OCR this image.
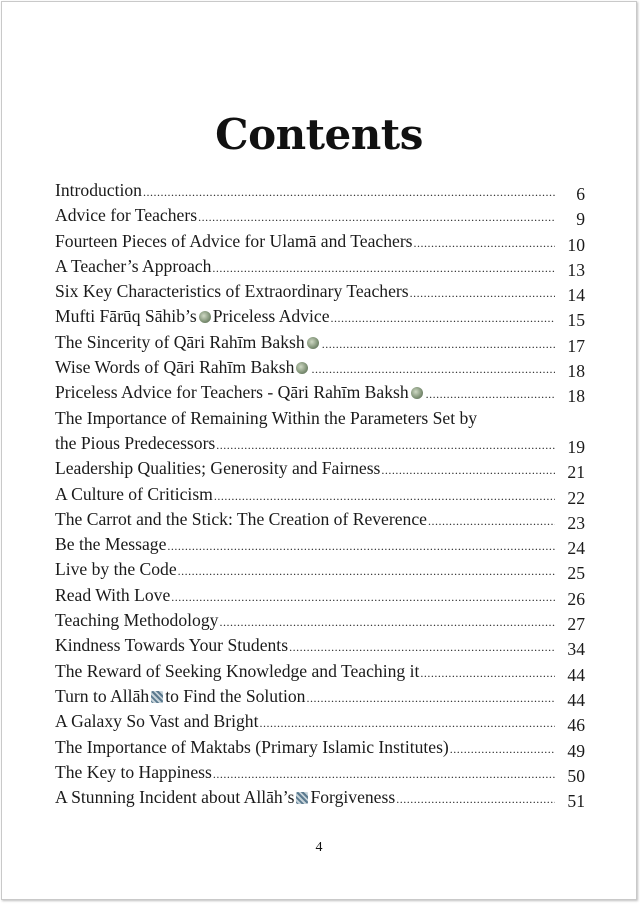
Contents
Introduction .....	6
Advice for Teachers .....	9
Fourteen Pieces of Advice for Ulamā and Teachers .....	10
A Teacher’s Approach .....	13
Six Key Characteristics of Extraordinary Teachers .....	14
Mufti Fārūq Sāhib’s Priceless Advice .....	15
The Sincerity of Qāri Rahīm Baksh .....	17
Wise Words of Qāri Rahīm Baksh .....	18
Priceless Advice for Teachers - Qāri Rahīm Baksh .....	18
The Importance of Remaining Within the Parameters Set by
the Pious Predecessors .....	19
Leadership Qualities; Generosity and Fairness .....	21
A Culture of Criticism .....	22
The Carrot and the Stick: The Creation of Reverence .....	23
Be the Message .....	24
Live by the Code .....	25
Read With Love .....	26
Teaching Methodology .....	27
Kindness Towards Your Students .....	34
The Reward of Seeking Knowledge and Teaching it .....	44
Turn to Allāh to Find the Solution .....	44
A Galaxy So Vast and Bright .....	46
The Importance of Maktabs (Primary Islamic Institutes) .....	49
The Key to Happiness .....	50
A Stunning Incident about Allāh’s Forgiveness .....	51
4
